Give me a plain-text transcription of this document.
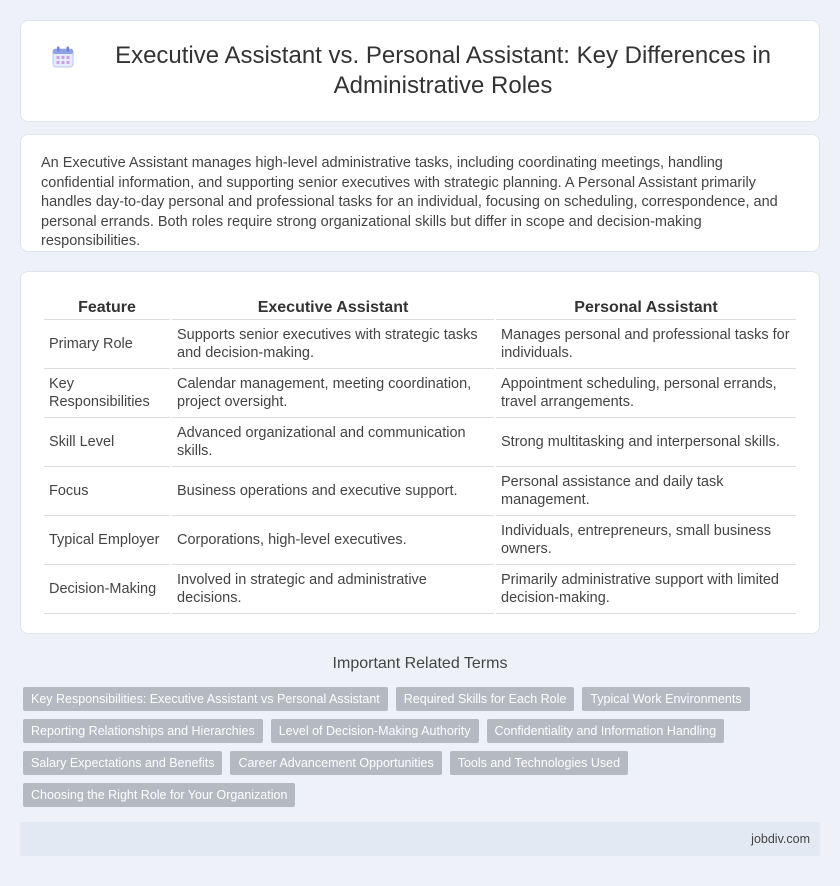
Executive Assistant vs. Personal Assistant: Key Differences in Administrative Roles

An Executive Assistant manages high-level administrative tasks, including coordinating meetings, handling confidential information, and supporting senior executives with strategic planning. A Personal Assistant primarily handles day-to-day personal and professional tasks for an individual, focusing on scheduling, correspondence, and personal errands. Both roles require strong organizational skills but differ in scope and decision-making responsibilities.

Feature	Executive Assistant	Personal Assistant
Primary Role	Supports senior executives with strategic tasks and decision-making.	Manages personal and professional tasks for individuals.
Key Responsibilities	Calendar management, meeting coordination, project oversight.	Appointment scheduling, personal errands, travel arrangements.
Skill Level	Advanced organizational and communication skills.	Strong multitasking and interpersonal skills.
Focus	Business operations and executive support.	Personal assistance and daily task management.
Typical Employer	Corporations, high-level executives.	Individuals, entrepreneurs, small business owners.
Decision-Making	Involved in strategic and administrative decisions.	Primarily administrative support with limited decision-making.
Important Related Terms
Key Responsibilities: Executive Assistant vs Personal Assistant	Required Skills for Each Role	Typical Work Environments
Reporting Relationships and Hierarchies	Level of Decision-Making Authority	Confidentiality and Information Handling
Salary Expectations and Benefits	Career Advancement Opportunities	Tools and Technologies Used
Choosing the Right Role for Your Organization
jobdiv.com
